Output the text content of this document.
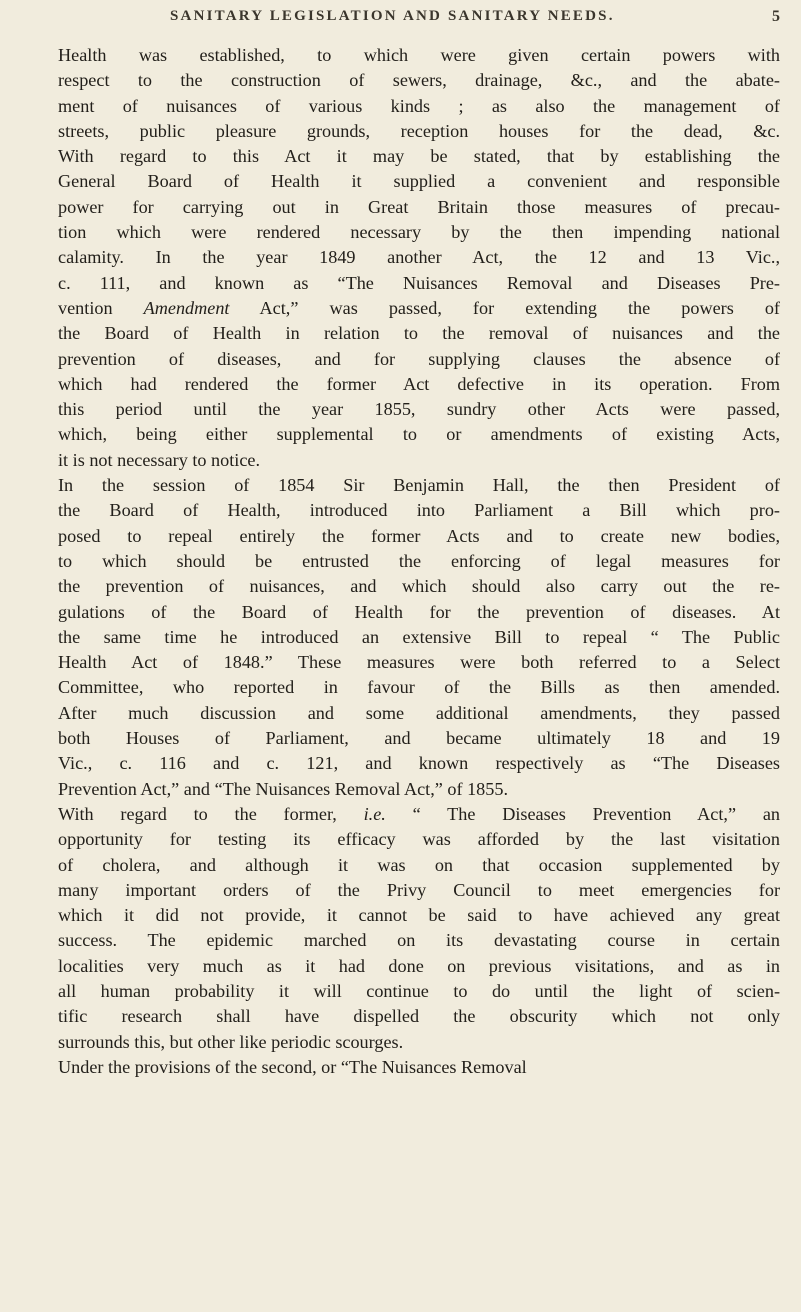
SANITARY LEGISLATION AND SANITARY NEEDS.	5
Health was established, to which were given certain powers with
respect to the construction of sewers, drainage, &c., and the abate-
ment of nuisances of various kinds ; as also the management of
streets, public pleasure grounds, reception houses for the dead, &c.
With regard to this Act it may be stated, that by establishing the
General Board of Health it supplied a convenient and responsible
power for carrying out in Great Britain those measures of precau-
tion which were rendered necessary by the then impending national
calamity. In the year 1849 another Act, the 12 and 13 Vic.,
c. 111, and known as “The Nuisances Removal and Diseases Pre-
vention Amendment Act,” was passed, for extending the powers of
the Board of Health in relation to the removal of nuisances and the
prevention of diseases, and for supplying clauses the absence of
which had rendered the former Act defective in its operation. From
this period until the year 1855, sundry other Acts were passed,
which, being either supplemental to or amendments of existing Acts,
it is not necessary to notice.
In the session of 1854 Sir Benjamin Hall, the then President of
the Board of Health, introduced into Parliament a Bill which pro-
posed to repeal entirely the former Acts and to create new bodies,
to which should be entrusted the enforcing of legal measures for
the prevention of nuisances, and which should also carry out the re-
gulations of the Board of Health for the prevention of diseases. At
the same time he introduced an extensive Bill to repeal “ The Public
Health Act of 1848.” These measures were both referred to a Select
Committee, who reported in favour of the Bills as then amended.
After much discussion and some additional amendments, they passed
both Houses of Parliament, and became ultimately 18 and 19
Vic., c. 116 and c. 121, and known respectively as “The Diseases
Prevention Act,” and “The Nuisances Removal Act,” of 1855.
With regard to the former, i.e. “ The Diseases Prevention Act,” an
opportunity for testing its efficacy was afforded by the last visitation
of cholera, and although it was on that occasion supplemented by
many important orders of the Privy Council to meet emergencies for
which it did not provide, it cannot be said to have achieved any great
success. The epidemic marched on its devastating course in certain
localities very much as it had done on previous visitations, and as in
all human probability it will continue to do until the light of scien-
tific research shall have dispelled the obscurity which not only
surrounds this, but other like periodic scourges.
Under the provisions of the second, or “The Nuisances Removal
